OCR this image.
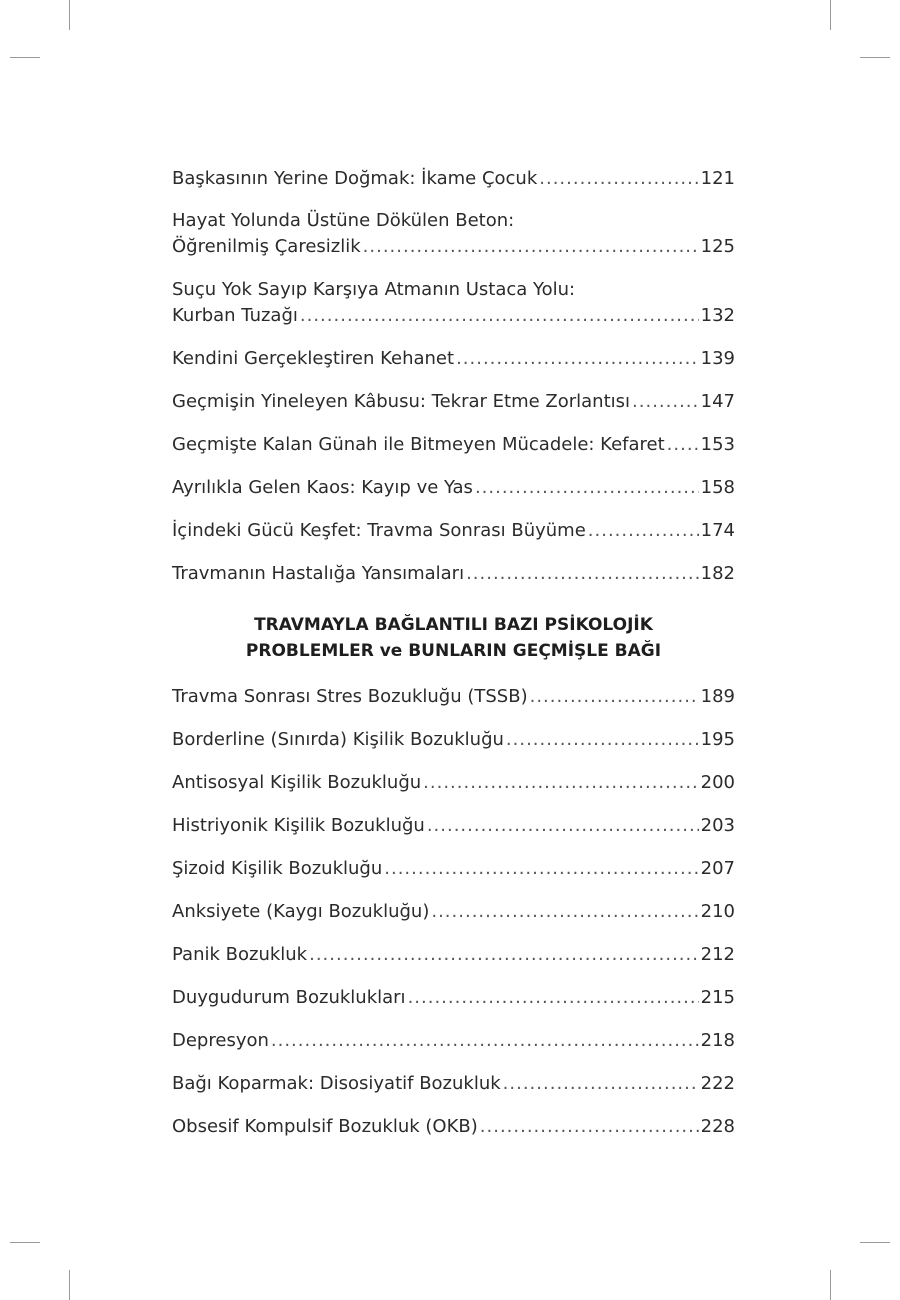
Başkasının Yerine Doğmak: İkame Çocuk .....	121
Hayat Yolunda Üstüne Dökülen Beton:
Öğrenilmiş Çaresizlik .....	125
Suçu Yok Sayıp Karşıya Atmanın Ustaca Yolu:
Kurban Tuzağı .....	132
Kendini Gerçekleştiren Kehanet .....	139
Geçmişin Yineleyen Kâbusu: Tekrar Etme Zorlantısı .....	147
Geçmişte Kalan Günah ile Bitmeyen Mücadele: Kefaret ..... 153
Ayrılıkla Gelen Kaos: Kayıp ve Yas .....	158
İçindeki Gücü Keşfet: Travma Sonrası Büyüme .....	174
Travmanın Hastalığa Yansımaları .....	182
Travma Sonrası Stres Bozukluğu (TSSB) .....	189
Borderline (Sınırda) Kişilik Bozukluğu .....	195
Antisosyal Kişilik Bozukluğu .....	200
Histriyonik Kişilik Bozukluğu .....	203
Şizoid Kişilik Bozukluğu .....	207
Anksiyete (Kaygı Bozukluğu) .....	210
Panik Bozukluk .....	212
Duygudurum Bozuklukları .....	215
Depresyon .....	218
Bağı Koparmak: Disosiyatif Bozukluk .....	222
Obsesif Kompulsif Bozukluk (OKB) .....	228
TRAVMAYLA BAĞLANTILI BAZI PSİKOLOJİK
PROBLEMLER ve BUNLARIN GEÇMİŞLE BAĞI
